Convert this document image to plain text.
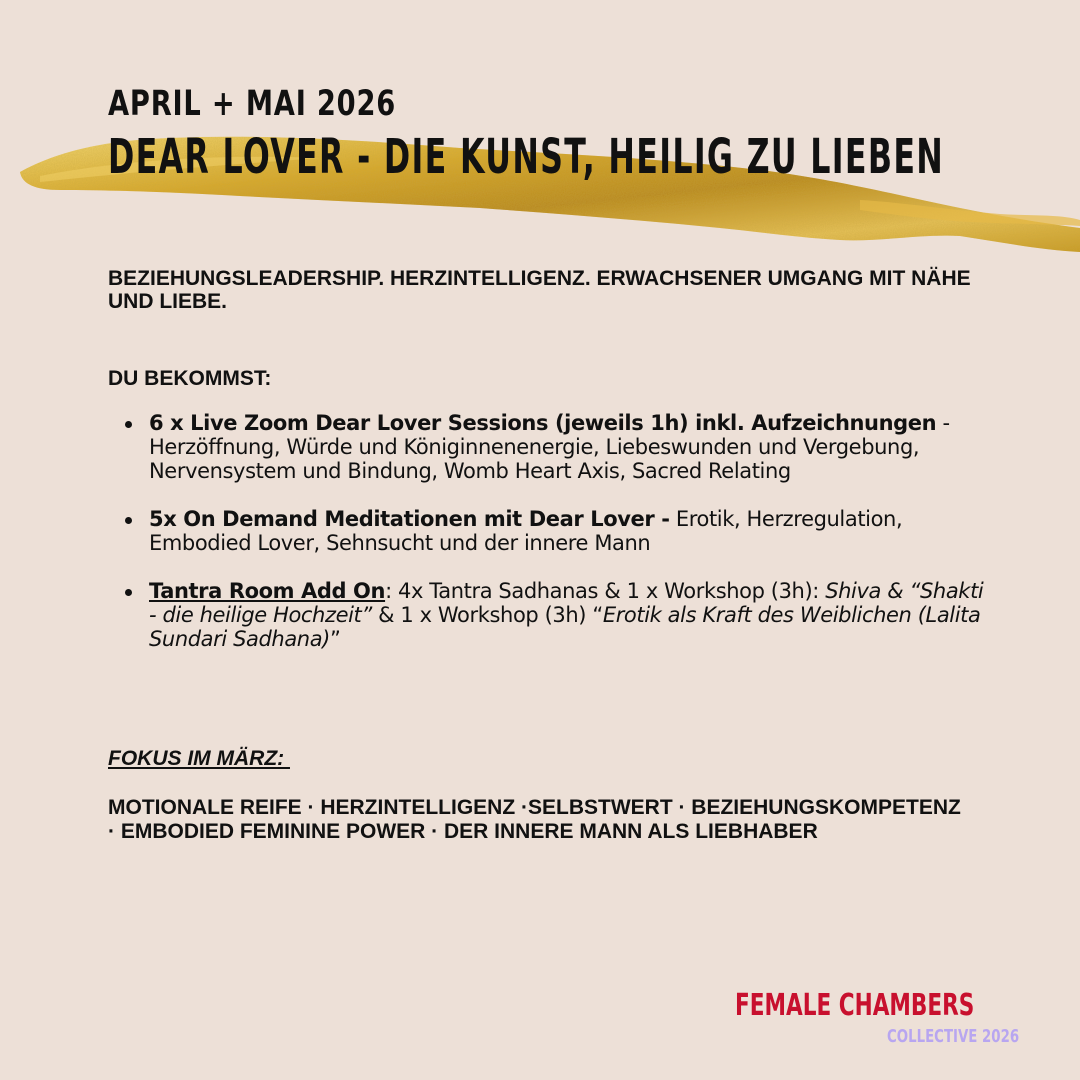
APRIL + MAI 2026
DEAR LOVER - DIE KUNST, HEILIG ZU LIEBEN

BEZIEHUNGSLEADERSHIP. HERZINTELLIGENZ. ERWACHSENER UMGANG MIT NÄHE UND LIEBE.

DU BEKOMMST:

6 x Live Zoom Dear Lover Sessions (jeweils 1h) inkl. Aufzeichnungen - Herzöffnung, Würde und Königinnenenergie, Liebeswunden und Vergebung, Nervensystem und Bindung, Womb Heart Axis, Sacred Relating
5x On Demand Meditationen mit Dear Lover - Erotik, Herzregulation, Embodied Lover, Sehnsucht und der innere Mann
Tantra Room Add On: 4x Tantra Sadhanas & 1 x Workshop (3h): Shiva & “Shakti - die heilige Hochzeit” & 1 x Workshop (3h) “Erotik als Kraft des Weiblichen (Lalita Sundari Sadhana)”

FOKUS IM MÄRZ:

MOTIONALE REIFE · HERZINTELLIGENZ ·SELBSTWERT · BEZIEHUNGSKOMPETENZ · EMBODIED FEMININE POWER · DER INNERE MANN ALS LIEBHABER

FEMALE CHAMBERS

COLLECTIVE 2026
